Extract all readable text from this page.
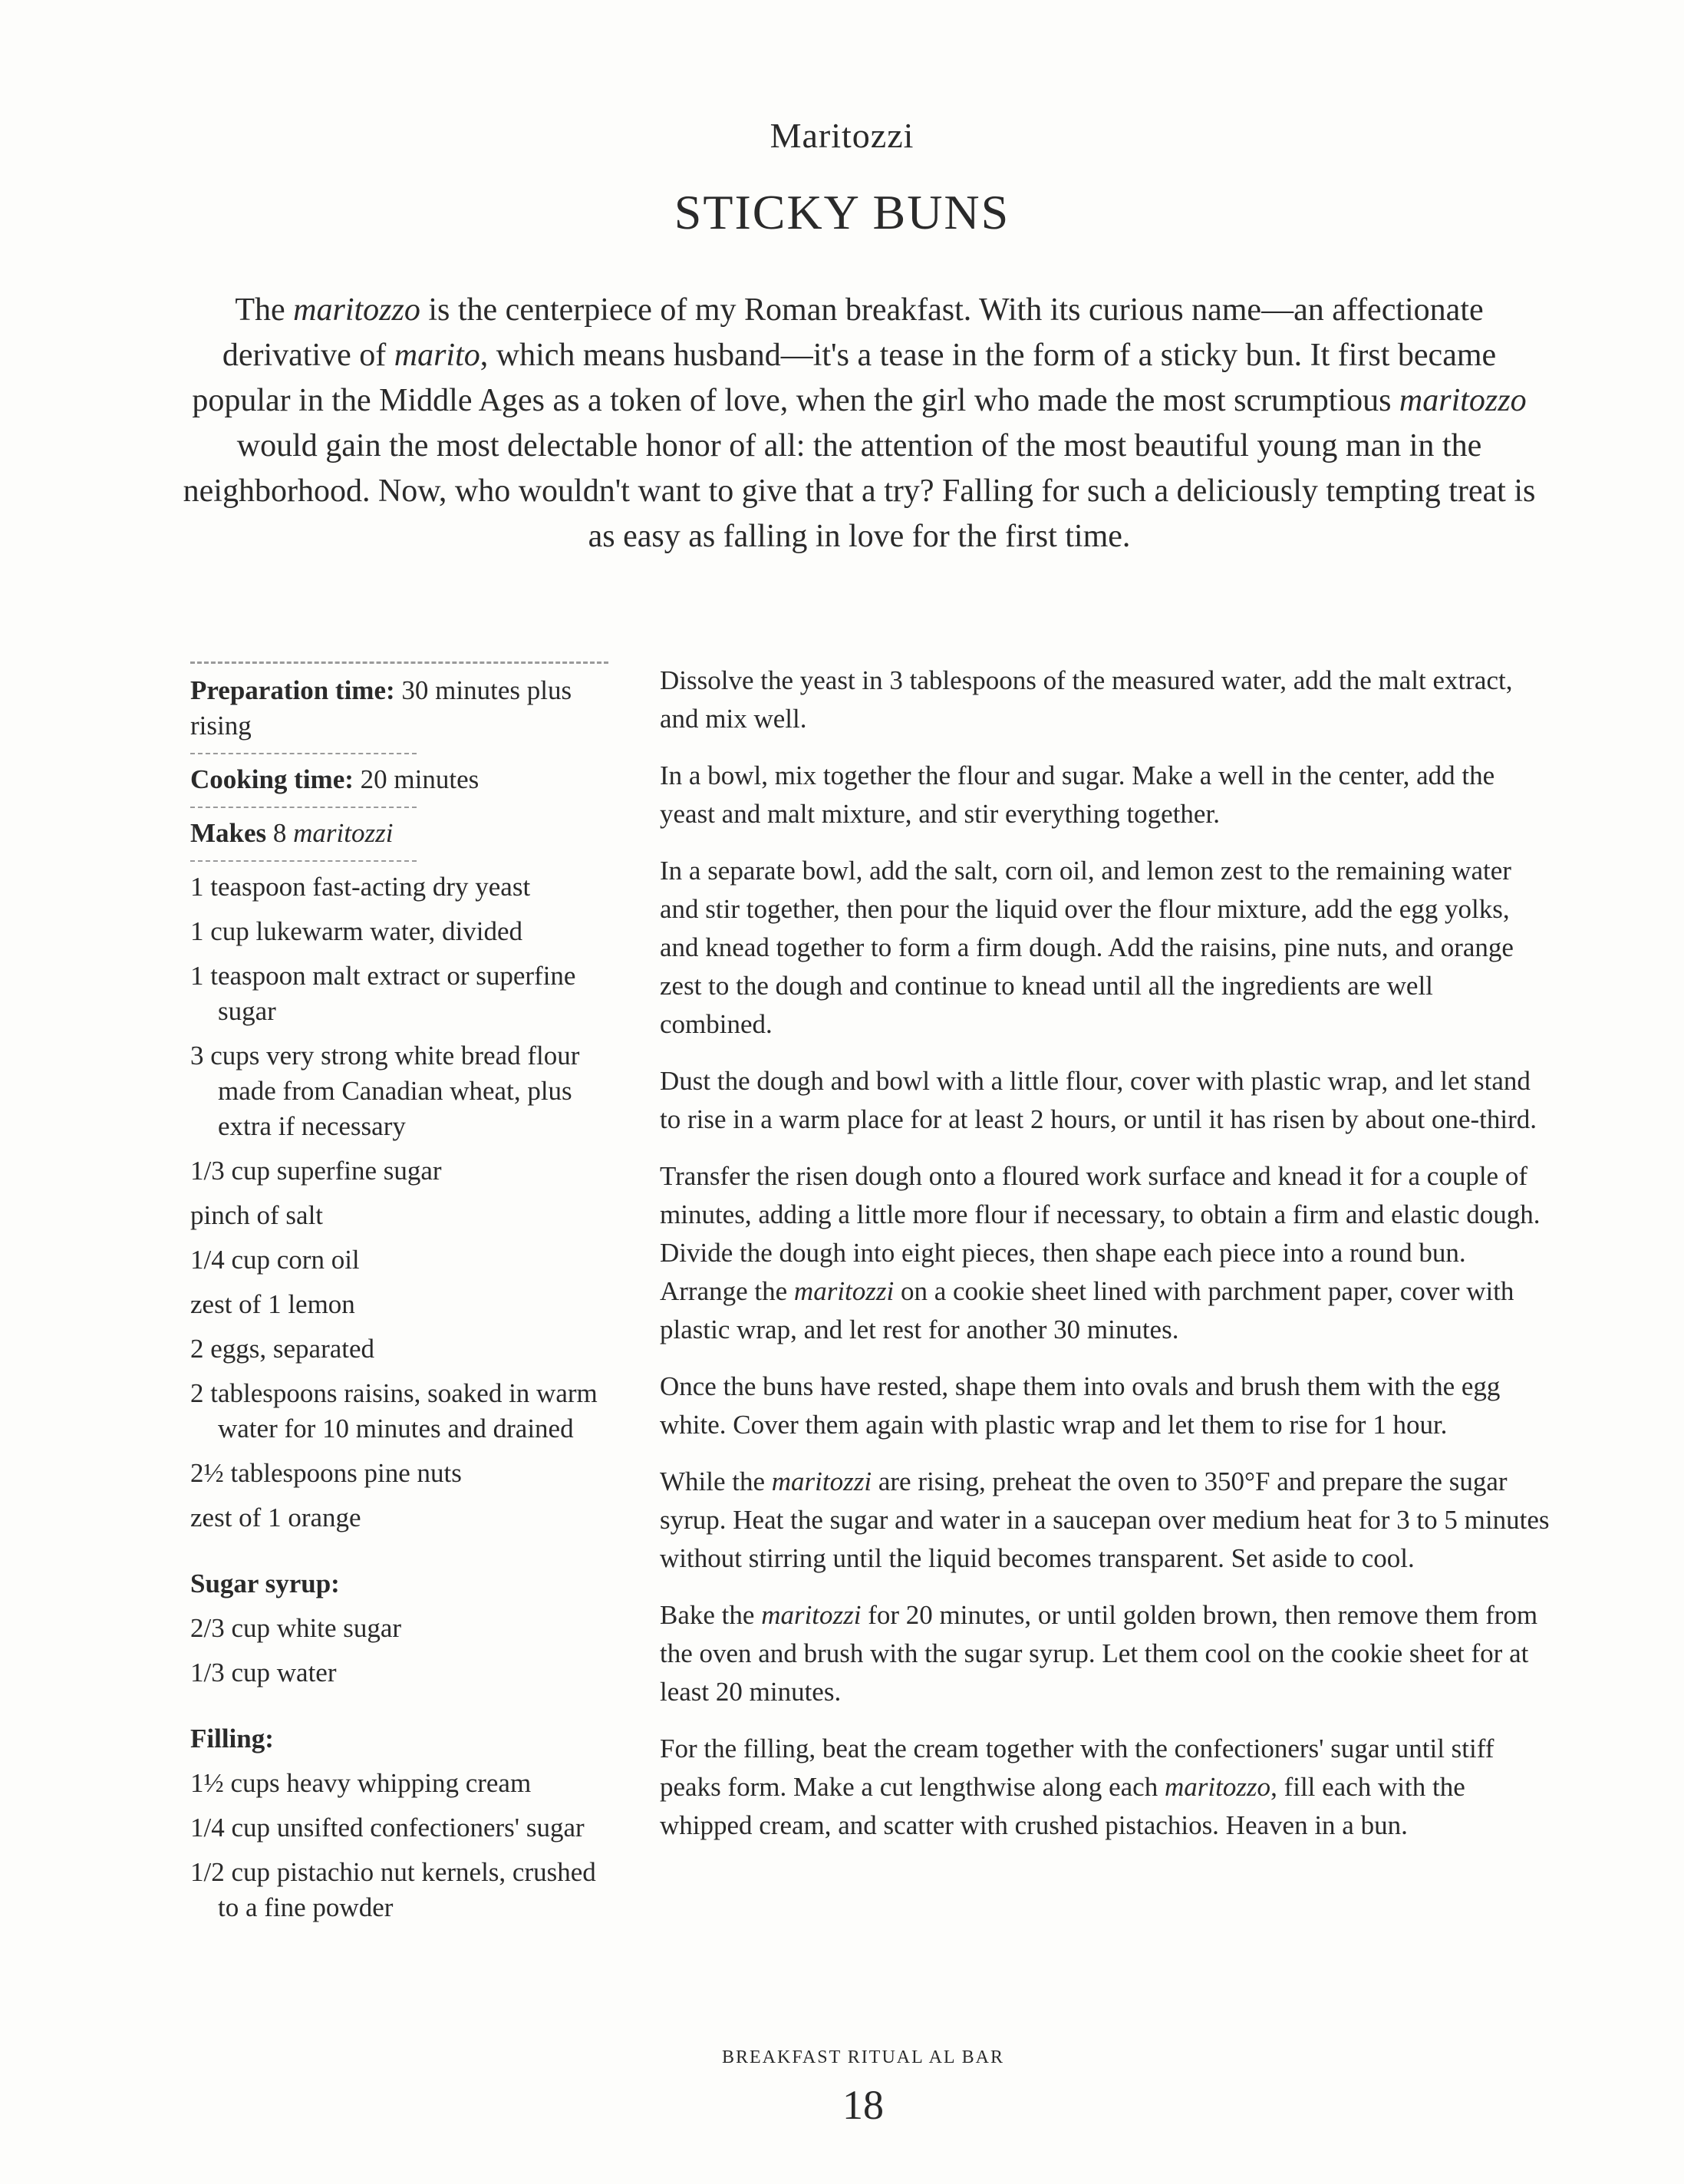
Maritozzi
STICKY BUNS

The maritozzo is the centerpiece of my Roman breakfast. With its curious name—an affectionate derivative of marito, which means husband—it's a tease in the form of a sticky bun. It first became popular in the Middle Ages as a token of love, when the girl who made the most scrumptious maritozzo would gain the most delectable honor of all: the attention of the most beautiful young man in the neighborhood. Now, who wouldn't want to give that a try? Falling for such a deliciously tempting treat is as easy as falling in love for the first time.

Preparation time: 30 minutes plus rising
Cooking time: 20 minutes
Makes 8 maritozzi
1 teaspoon fast-acting dry yeast
1 cup lukewarm water, divided
1 teaspoon malt extract or superfine sugar
3 cups very strong white bread flour made from Canadian wheat, plus extra if necessary
1/3 cup superfine sugar
pinch of salt
1/4 cup corn oil
zest of 1 lemon
2 eggs, separated
2 tablespoons raisins, soaked in warm water for 10 minutes and drained
2½ tablespoons pine nuts
zest of 1 orange
Sugar syrup:
2/3 cup white sugar
1/3 cup water
Filling:
1½ cups heavy whipping cream
1/4 cup unsifted confectioners' sugar
1/2 cup pistachio nut kernels, crushed to a fine powder

Dissolve the yeast in 3 tablespoons of the measured water, add the malt extract, and mix well.

In a bowl, mix together the flour and sugar. Make a well in the center, add the yeast and malt mixture, and stir everything together.

In a separate bowl, add the salt, corn oil, and lemon zest to the remaining water and stir together, then pour the liquid over the flour mixture, add the egg yolks, and knead together to form a firm dough. Add the raisins, pine nuts, and orange zest to the dough and continue to knead until all the ingredients are well combined.

Dust the dough and bowl with a little flour, cover with plastic wrap, and let stand to rise in a warm place for at least 2 hours, or until it has risen by about one-third.

Transfer the risen dough onto a floured work surface and knead it for a couple of minutes, adding a little more flour if necessary, to obtain a firm and elastic dough. Divide the dough into eight pieces, then shape each piece into a round bun. Arrange the maritozzi on a cookie sheet lined with parchment paper, cover with plastic wrap, and let rest for another 30 minutes.

Once the buns have rested, shape them into ovals and brush them with the egg white. Cover them again with plastic wrap and let them to rise for 1 hour.

While the maritozzi are rising, preheat the oven to 350°F and prepare the sugar syrup. Heat the sugar and water in a saucepan over medium heat for 3 to 5 minutes without stirring until the liquid becomes transparent. Set aside to cool.

Bake the maritozzi for 20 minutes, or until golden brown, then remove them from the oven and brush with the sugar syrup. Let them cool on the cookie sheet for at least 20 minutes.

For the filling, beat the cream together with the confectioners' sugar until stiff peaks form. Make a cut lengthwise along each maritozzo, fill each with the whipped cream, and scatter with crushed pistachios. Heaven in a bun.

BREAKFAST RITUAL AL BAR
18
